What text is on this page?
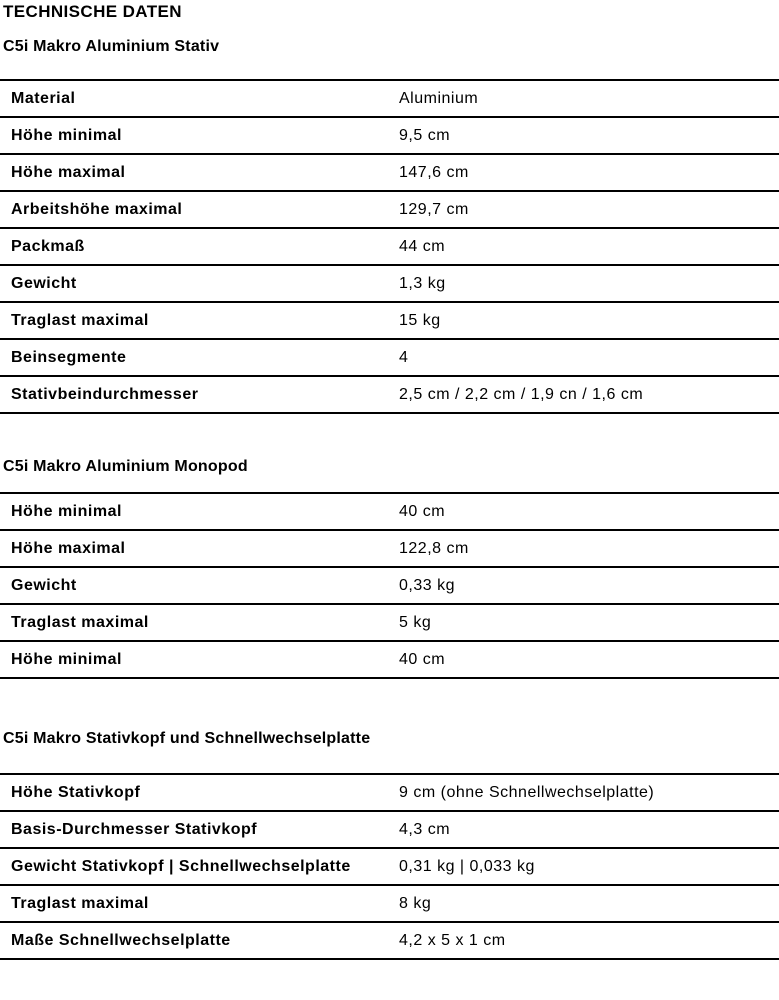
TECHNISCHE DATEN
C5i Makro Aluminium Stativ
Material	Aluminium
Höhe minimal	9,5 cm
Höhe maximal	147,6 cm
Arbeitshöhe maximal	129,7 cm
Packmaß	44 cm
Gewicht	1,3 kg
Traglast maximal	15 kg
Beinsegmente	4
Stativbeindurchmesser	2,5 cm / 2,2 cm / 1,9 cn / 1,6 cm
C5i Makro Aluminium Monopod
Höhe minimal	40 cm
Höhe maximal	122,8 cm
Gewicht	0,33 kg
Traglast maximal	5 kg
Höhe minimal	40 cm
C5i Makro Stativkopf und Schnellwechselplatte
Höhe Stativkopf	9 cm (ohne Schnellwechselplatte)
Basis-Durchmesser Stativkopf	4,3 cm
Gewicht Stativkopf | Schnellwechselplatte	0,31 kg | 0,033 kg
Traglast maximal	8 kg
Maße Schnellwechselplatte	4,2 x 5 x 1 cm
